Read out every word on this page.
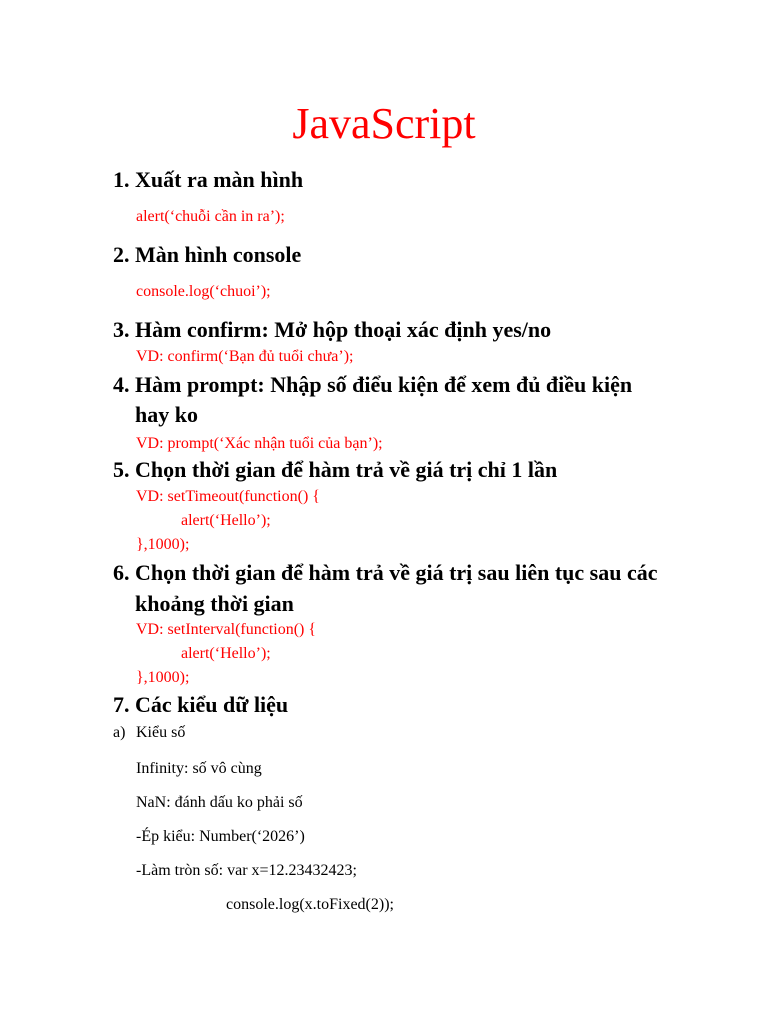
JavaScript
1. Xuất ra màn hình
alert(‘chuỗi cần in ra’);
2. Màn hình console
console.log(‘chuoi’);
3. Hàm confirm: Mở hộp thoại xác định yes/no
VD: confirm(‘Bạn đủ tuổi chưa’);
4. Hàm prompt: Nhập số điểu kiện để xem đủ điều kiện
hay ko
VD: prompt(‘Xác nhận tuổi của bạn’);
5. Chọn thời gian để hàm trả về giá trị chỉ 1 lần
VD: setTimeout(function() {
alert(‘Hello’);
},1000);
6. Chọn thời gian để hàm trả về giá trị sau liên tục sau các
khoảng thời gian
VD: setInterval(function() {
alert(‘Hello’);
},1000);
7. Các kiểu dữ liệu
a) Kiểu số
Infinity: số vô cùng
NaN: đánh dấu ko phải số
-Ép kiểu: Number(‘2026’)
-Làm tròn số: var x=12.23432423;
console.log(x.toFixed(2));
